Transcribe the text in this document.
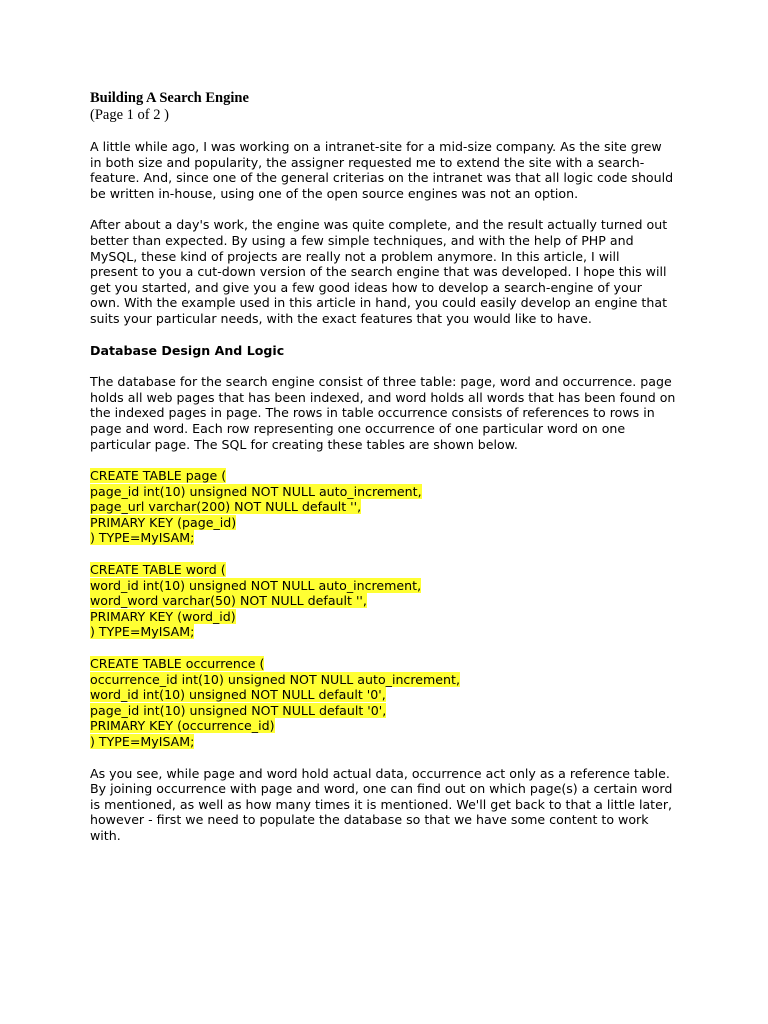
Building A Search Engine
(Page 1 of 2 )

A little while ago, I was working on a intranet-site for a mid-size company. As the site grew

in both size and popularity, the assigner requested me to extend the site with a search-

feature. And, since one of the general criterias on the intranet was that all logic code should

be written in-house, using one of the open source engines was not an option.

After about a day's work, the engine was quite complete, and the result actually turned out

better than expected. By using a few simple techniques, and with the help of PHP and

MySQL, these kind of projects are really not a problem anymore. In this article, I will

present to you a cut-down version of the search engine that was developed. I hope this will

get you started, and give you a few good ideas how to develop a search-engine of your

own. With the example used in this article in hand, you could easily develop an engine that

suits your particular needs, with the exact features that you would like to have.

Database Design And Logic

The database for the search engine consist of three table: page, word and occurrence. page

holds all web pages that has been indexed, and word holds all words that has been found on

the indexed pages in page. The rows in table occurrence consists of references to rows in

page and word. Each row representing one occurrence of one particular word on one

particular page. The SQL for creating these tables are shown below.

CREATE TABLE page (
page_id int(10) unsigned NOT NULL auto_increment,
page_url varchar(200) NOT NULL default '',
PRIMARY KEY (page_id)
) TYPE=MyISAM;
CREATE TABLE word (
word_id int(10) unsigned NOT NULL auto_increment,
word_word varchar(50) NOT NULL default '',
PRIMARY KEY (word_id)
) TYPE=MyISAM;
CREATE TABLE occurrence (
occurrence_id int(10) unsigned NOT NULL auto_increment,
word_id int(10) unsigned NOT NULL default '0',
page_id int(10) unsigned NOT NULL default '0',
PRIMARY KEY (occurrence_id)
) TYPE=MyISAM;

As you see, while page and word hold actual data, occurrence act only as a reference table.

By joining occurrence with page and word, one can find out on which page(s) a certain word

is mentioned, as well as how many times it is mentioned. We'll get back to that a little later,

however - first we need to populate the database so that we have some content to work

with.
